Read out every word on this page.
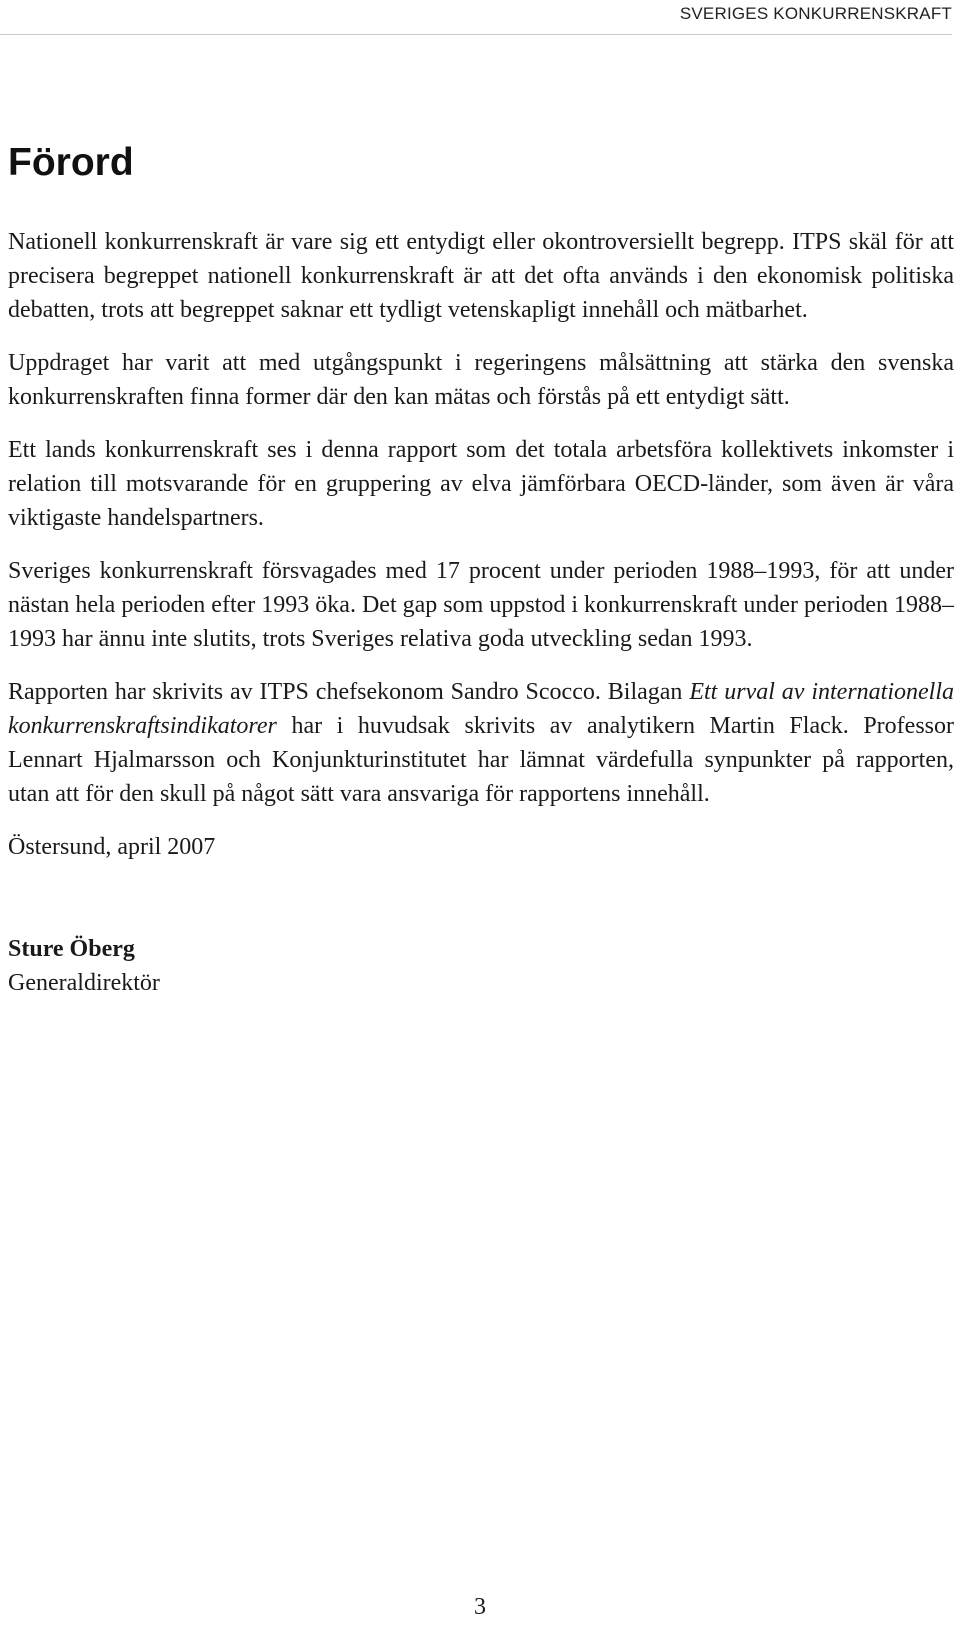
SVERIGES KONKURRENSKRAFT
Förord

Nationell konkurrenskraft är vare sig ett entydigt eller okontroversiellt begrepp. ITPS skäl för att precisera begreppet nationell konkurrenskraft är att det ofta används i den ekonomisk politiska debatten, trots att begreppet saknar ett tydligt vetenskapligt innehåll och mätbarhet.

Uppdraget har varit att med utgångspunkt i regeringens målsättning att stärka den svenska konkurrenskraften finna former där den kan mätas och förstås på ett entydigt sätt.

Ett lands konkurrenskraft ses i denna rapport som det totala arbetsföra kollektivets inkomster i relation till motsvarande för en gruppering av elva jämförbara OECD-länder, som även är våra viktigaste handelspartners.

Sveriges konkurrenskraft försvagades med 17 procent under perioden 1988–1993, för att under nästan hela perioden efter 1993 öka. Det gap som uppstod i konkurrenskraft under perioden 1988–1993 har ännu inte slutits, trots Sveriges relativa goda utveckling sedan 1993.

Rapporten har skrivits av ITPS chefsekonom Sandro Scocco. Bilagan Ett urval av internationella konkurrenskraftsindikatorer har i huvudsak skrivits av analytikern Martin Flack. Professor Lennart Hjalmarsson och Konjunkturinstitutet har lämnat värdefulla synpunkter på rapporten, utan att för den skull på något sätt vara ansvariga för rapportens innehåll.

Östersund, april 2007

Sture Öberg
Generaldirektör
3
